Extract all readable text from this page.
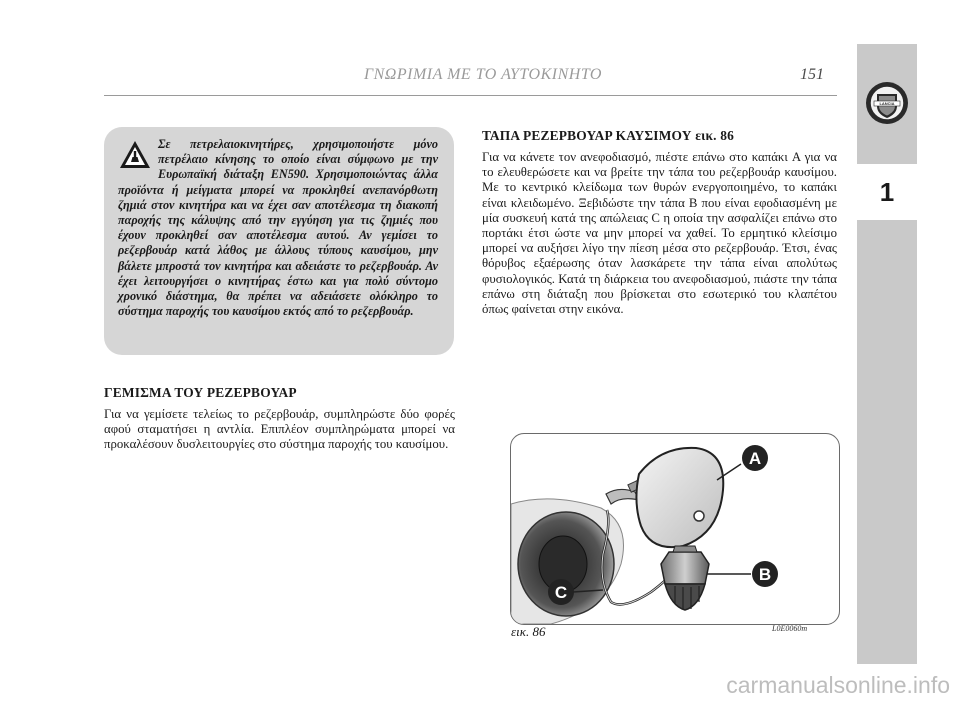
ΓΝΩΡΙΜΙΑ ΜΕ ΤΟ ΑΥΤΟΚΙΝΗΤΟ	151
LANCIA
1

Σε πετρελαιοκινητήρες, χρησιμοποιήστε μόνο πετρέλαιο κίνησης το οποίο είναι σύμφωνο με την Ευρωπαϊκή διάταξη EN590. Χρησιμοποιώντας άλλα προϊόντα ή μείγματα μπορεί να προκληθεί ανεπανόρθωτη ζημιά στον κινητήρα και να έχει σαν αποτέλεσμα τη διακοπή παροχής της κάλυψης από την εγγύηση για τις ζημιές που έχουν προκληθεί σαν αποτέλεσμα αυτού. Αν γεμίσει το ρεζερβουάρ κατά λάθος με άλλους τύπους καυσίμου, μην βάλετε μπροστά τον κινητήρα και αδειάστε το ρεζερβουάρ. Αν έχει λειτουργήσει ο κινητήρας έστω και για πολύ σύντομο χρονικό διάστημα, θα πρέπει να αδειάσετε ολόκληρο το σύστημα παροχής του καυσίμου εκτός από το ρεζερβουάρ.

ΓΕΜΙΣΜΑ ΤΟΥ ΡΕΖΕΡΒΟΥΑΡ

Για να γεμίσετε τελείως το ρεζερβουάρ, συμπληρώστε δύο φορές αφού σταματήσει η αντλία. Επιπλέον συμπληρώματα μπορεί να προκαλέσουν δυσλειτουργίες στο σύστημα παροχής του καυσίμου.

ΤΑΠΑ ΡΕΖΕΡΒΟΥΑΡ ΚΑΥΣΙΜΟΥ εικ. 86

Για να κάνετε τον ανεφοδιασμό, πιέστε επάνω στο καπάκι A για να το ελευθερώσετε και να βρείτε την τάπα του ρεζερβουάρ καυσίμου. Με το κεντρικό κλείδωμα των θυρών ενεργοποιημένο, το καπάκι είναι κλειδωμένο. Ξεβιδώστε την τάπα B που είναι εφοδιασμένη με μία συσκευή κατά της απώλειας C η οποία την ασφαλίζει επάνω στο πορτάκι έτσι ώστε να μην μπορεί να χαθεί. Το ερμητικό κλείσιμο μπορεί να αυξήσει λίγο την πίεση μέσα στο ρεζερβουάρ. Έτσι, ένας θόρυβος εξαέρωσης όταν λασκάρετε την τάπα είναι απολύτως φυσιολογικός. Κατά τη διάρκεια του ανεφοδιασμού, πιάστε την τάπα επάνω στη διάταξη που βρίσκεται στο εσωτερικό του κλαπέτου όπως φαίνεται στην εικόνα.

A
B
C
εικ. 86	L0E0060m
carmanualsonline.info
